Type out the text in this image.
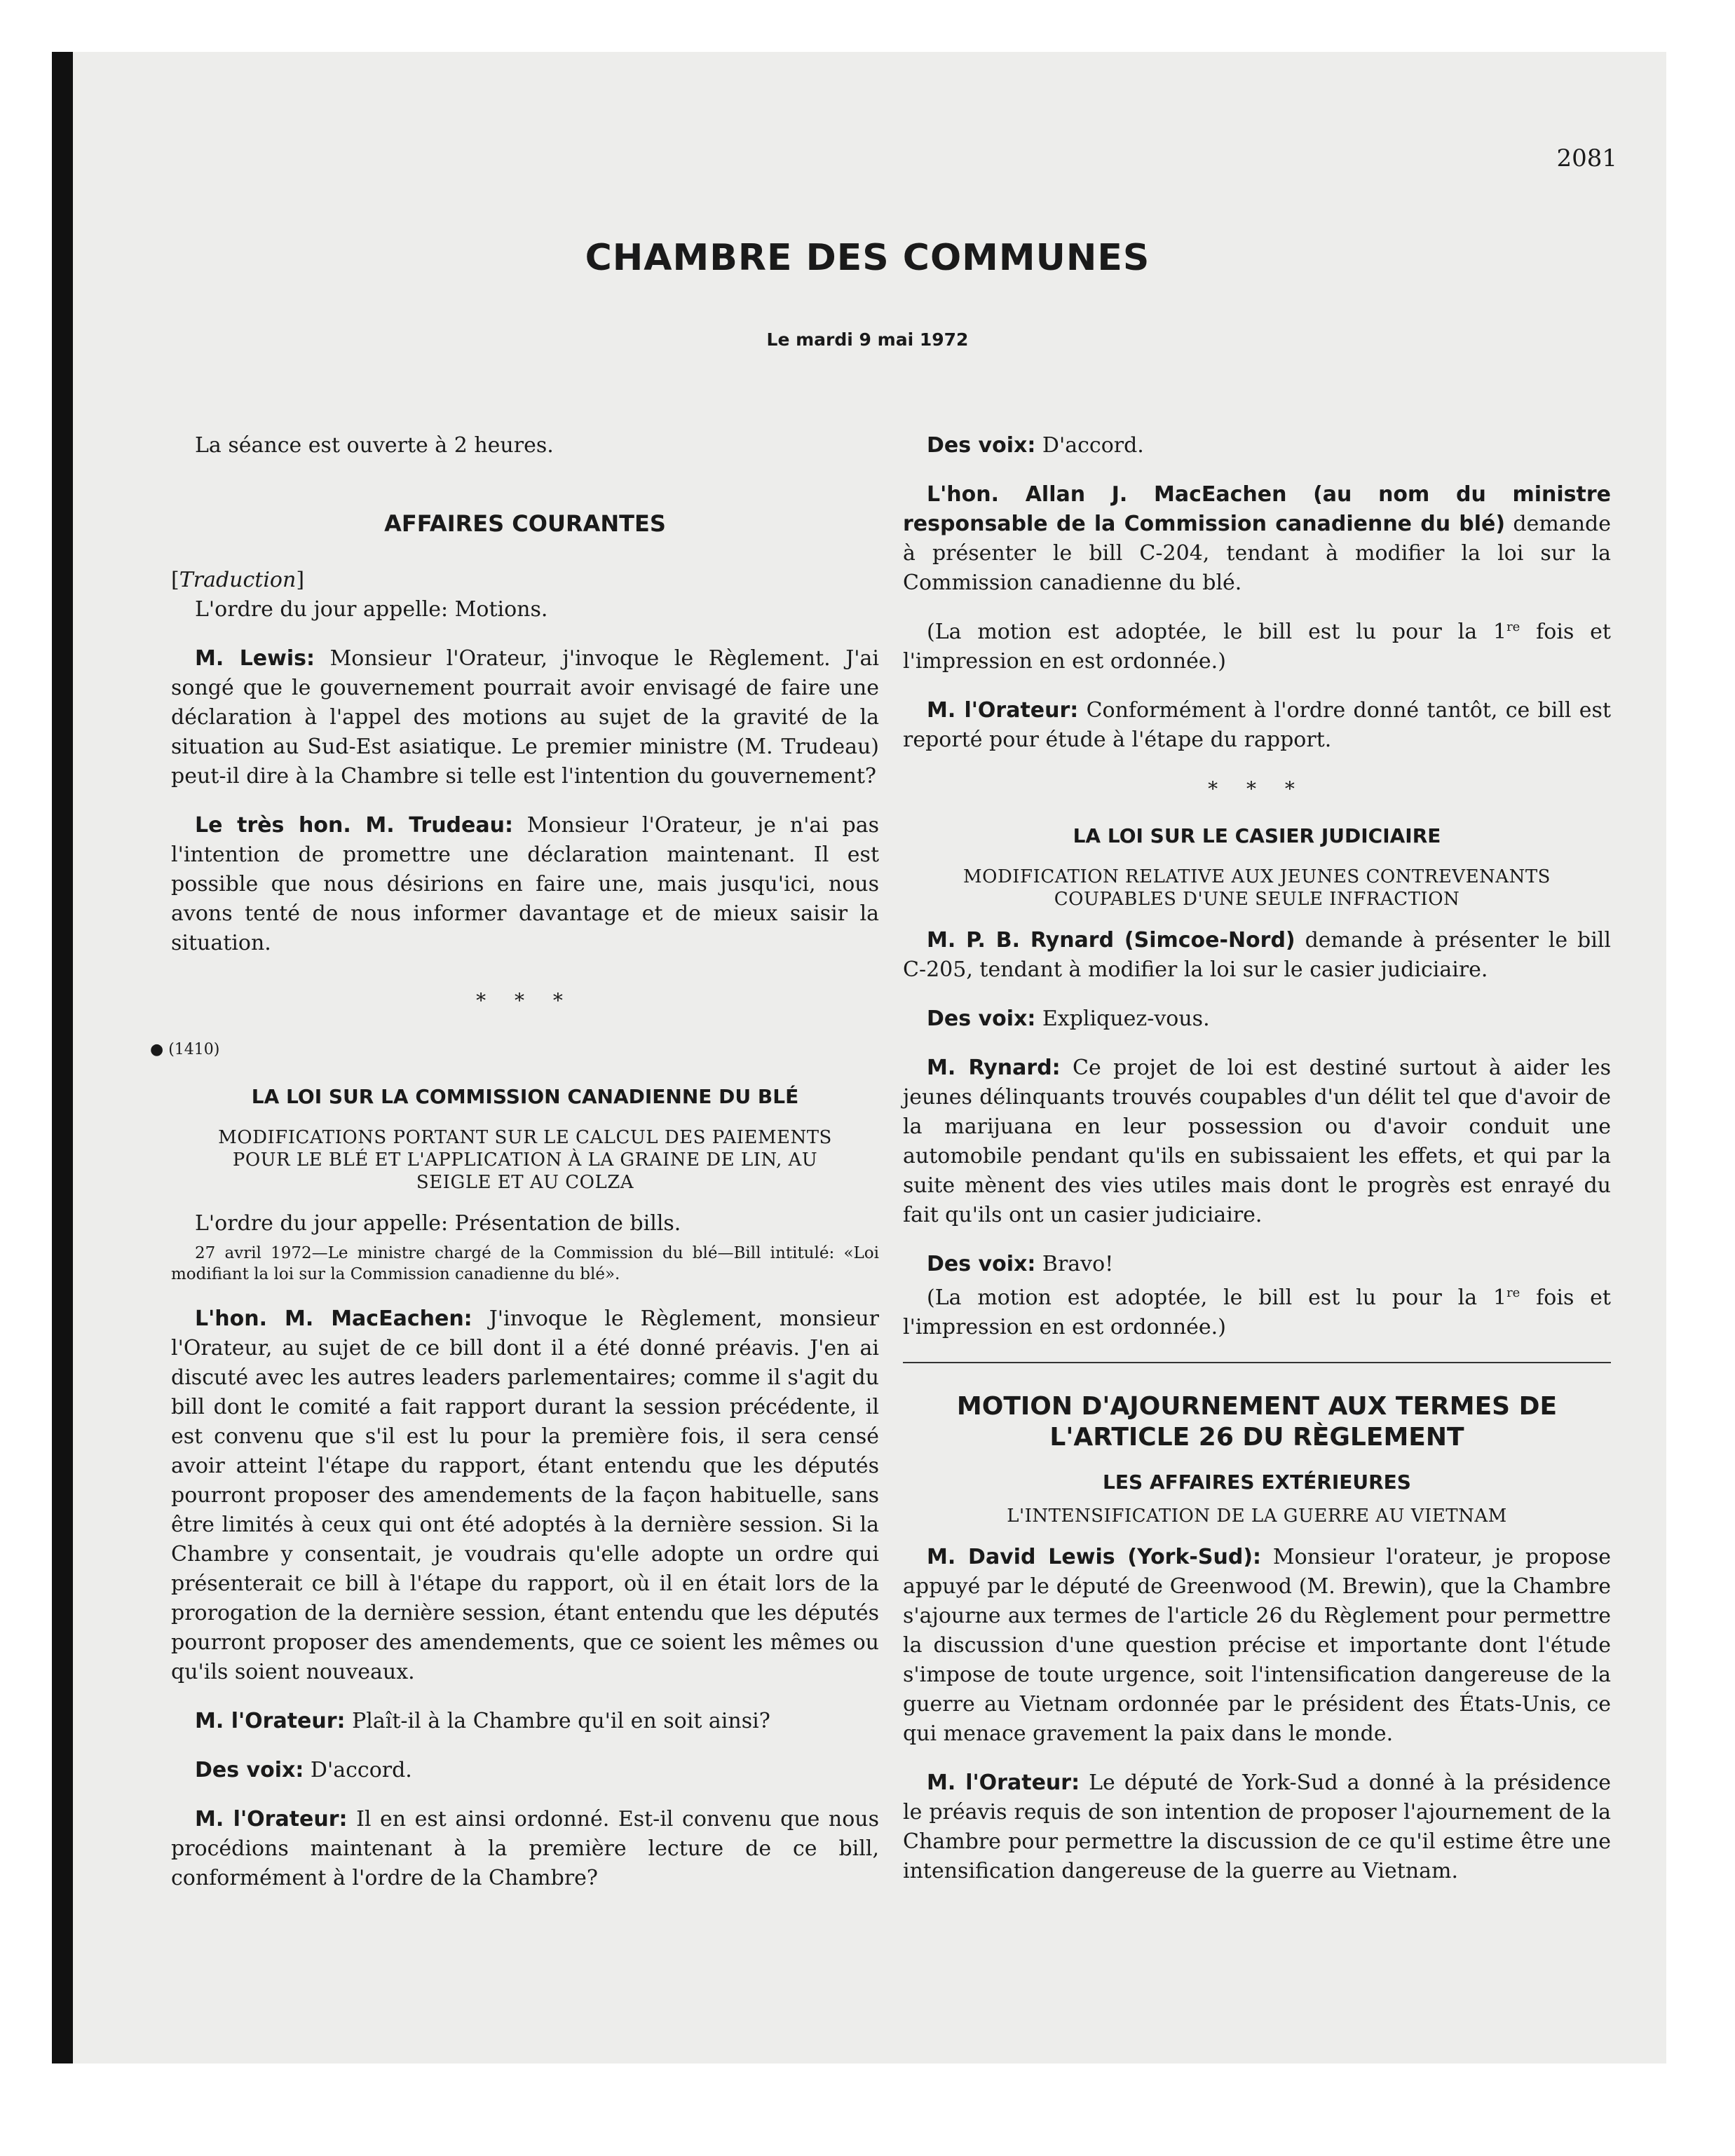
2081
CHAMBRE DES COMMUNES
Le mardi 9 mai 1972

La séance est ouverte à 2 heures.

AFFAIRES COURANTES

[Traduction]

L'ordre du jour appelle: Motions.

M. Lewis: Monsieur l'Orateur, j'invoque le Règlement. J'ai songé que le gouvernement pourrait avoir envisagé de faire une déclaration à l'appel des motions au sujet de la gravité de la situation au Sud-Est asiatique. Le premier ministre (M. Trudeau) peut-il dire à la Chambre si telle est l'intention du gouvernement?

Le très hon. M. Trudeau: Monsieur l'Orateur, je n'ai pas l'intention de promettre une déclaration maintenant. Il est possible que nous désirions en faire une, mais jusqu'ici, nous avons tenté de nous informer davantage et de mieux saisir la situation.

* * *
● (1410)
LA LOI SUR LA COMMISSION CANADIENNE DU BLÉ
MODIFICATIONS PORTANT SUR LE CALCUL DES PAIEMENTS POUR LE BLÉ ET L'APPLICATION À LA GRAINE DE LIN, AU SEIGLE ET AU COLZA

L'ordre du jour appelle: Présentation de bills.

27 avril 1972—Le ministre chargé de la Commission du blé—Bill intitulé: «Loi modifiant la loi sur la Commission canadienne du blé».

L'hon. M. MacEachen: J'invoque le Règlement, monsieur l'Orateur, au sujet de ce bill dont il a été donné préavis. J'en ai discuté avec les autres leaders parlementaires; comme il s'agit du bill dont le comité a fait rapport durant la session précédente, il est convenu que s'il est lu pour la première fois, il sera censé avoir atteint l'étape du rapport, étant entendu que les députés pourront proposer des amendements de la façon habituelle, sans être limités à ceux qui ont été adoptés à la dernière session. Si la Chambre y consentait, je voudrais qu'elle adopte un ordre qui présenterait ce bill à l'étape du rapport, où il en était lors de la prorogation de la dernière session, étant entendu que les députés pourront proposer des amendements, que ce soient les mêmes ou qu'ils soient nouveaux.

M. l'Orateur: Plaît-il à la Chambre qu'il en soit ainsi?

Des voix: D'accord.

M. l'Orateur: Il en est ainsi ordonné. Est-il convenu que nous procédions maintenant à la première lecture de ce bill, conformément à l'ordre de la Chambre?

Des voix: D'accord.

L'hon. Allan J. MacEachen (au nom du ministre responsable de la Commission canadienne du blé) demande à présenter le bill C-204, tendant à modifier la loi sur la Commission canadienne du blé.

(La motion est adoptée, le bill est lu pour la 1re fois et l'impression en est ordonnée.)

M. l'Orateur: Conformément à l'ordre donné tantôt, ce bill est reporté pour étude à l'étape du rapport.

* * *
LA LOI SUR LE CASIER JUDICIAIRE
MODIFICATION RELATIVE AUX JEUNES CONTREVENANTS COUPABLES D'UNE SEULE INFRACTION

M. P. B. Rynard (Simcoe-Nord) demande à présenter le bill C-205, tendant à modifier la loi sur le casier judiciaire.

Des voix: Expliquez-vous.

M. Rynard: Ce projet de loi est destiné surtout à aider les jeunes délinquants trouvés coupables d'un délit tel que d'avoir de la marijuana en leur possession ou d'avoir conduit une automobile pendant qu'ils en subissaient les effets, et qui par la suite mènent des vies utiles mais dont le progrès est enrayé du fait qu'ils ont un casier judiciaire.

Des voix: Bravo!

(La motion est adoptée, le bill est lu pour la 1re fois et l'impression en est ordonnée.)

MOTION D'AJOURNEMENT AUX TERMES DE L'ARTICLE 26 DU RÈGLEMENT
LES AFFAIRES EXTÉRIEURES
L'INTENSIFICATION DE LA GUERRE AU VIETNAM

M. David Lewis (York-Sud): Monsieur l'orateur, je propose appuyé par le député de Greenwood (M. Brewin), que la Chambre s'ajourne aux termes de l'article 26 du Règlement pour permettre la discussion d'une question précise et importante dont l'étude s'impose de toute urgence, soit l'intensification dangereuse de la guerre au Vietnam ordonnée par le président des États-Unis, ce qui menace gravement la paix dans le monde.

M. l'Orateur: Le député de York-Sud a donné à la présidence le préavis requis de son intention de proposer l'ajournement de la Chambre pour permettre la discussion de ce qu'il estime être une intensification dangereuse de la guerre au Vietnam.
